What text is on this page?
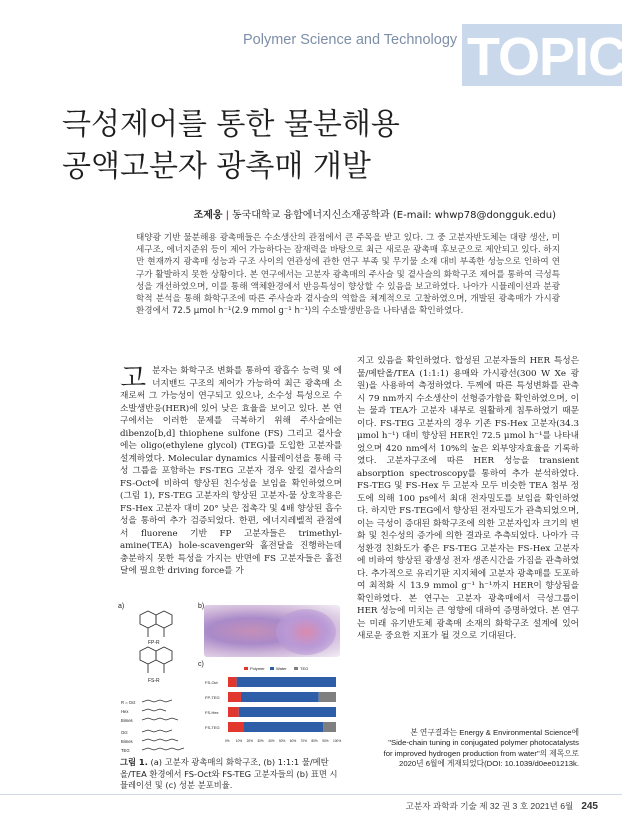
Polymer Science and Technology TOPIC
극성제어를 통한 물분해용
공액고분자 광촉매 개발
조제웅 | 동국대학교 융합에너지신소재공학과 (E-mail: whwp78@dongguk.edu)

태양광 기반 물분해용 광촉매들은 수소생산의 관점에서 큰 주목을 받고 있다. 그 중 고분자반도체는 대량 생산, 미세구조, 에너지준위 등이 제어 가능하다는 잠재력을 바탕으로 최근 새로운 광촉매 후보군으로 제안되고 있다. 하지만 현재까지 광촉매 성능과 구조 사이의 연관성에 관한 연구 부족 및 무기물 소재 대비 부족한 성능으로 인하여 연구가 활발하지 못한 상황이다. 본 연구에서는 고분자 광촉매의 주사슬 및 곁사슬의 화학구조 제어를 통하여 극성특성을 개선하였으며, 이를 통해 액체환경에서 반응특성이 향상할 수 있음을 보고하였다. 나아가 시뮬레이션과 분광학적 분석을 통해 화학구조에 따른 주사슬과 곁사슬의 역할을 체계적으로 고찰하였으며, 개발된 광촉매가 가시광 환경에서 72.5 μmol h⁻¹(2.9 mmol g⁻¹ h⁻¹)의 수소발생반응을 나타냄을 확인하였다.

고분자는 화학구조 변화를 통하여 광흡수 능력 및 에너지밴드 구조의 제어가 가능하여 최근 광촉매 소재로써 그 가능성이 연구되고 있으나, 소수성 특성으로 수소발생반응(HER)에 있어 낮은 효율을 보이고 있다. 본 연구에서는 이러한 문제를 극복하기 위해 주사슬에는 dibenzo[b,d] thiophene sulfone (FS) 그리고 곁사슬에는 oligo(ethylene glycol) (TEG)를 도입한 고분자를 설계하였다. Molecular dynamics 시뮬레이션을 통해 극성 그룹을 포함하는 FS-TEG 고분자 경우 알킬 곁사슬의 FS-Oct에 비하여 향상된 친수성을 보임을 확인하였으며(그림 1), FS-TEG 고분자의 향상된 고분자-물 상호작용은 FS-Hex 고분자 대비 20° 낮은 접촉각 및 4배 향상된 흡수성을 통하여 추가 검증되었다. 한편, 에너지레벨적 관점에서 fluorene 기반 FP 고분자들은 trimethyl-amine(TEA) hole-scavenger와 홀전달을 진행하는데 충분하지 못한 특성을 가지는 반면에 FS 고분자들은 홀전달에 필요한 driving force를 가
지고 있음을 확인하였다. 합성된 고분자들의 HER 특성은 물/메탄올/TEA (1:1:1) 용매와 가시광선(300 W Xe 광원)을 사용하여 측정하였다. 두께에 따른 특성변화를 관측 시 79 nm까지 수소생산이 선형증가함을 확인하였으며, 이는 물과 TEA가 고분자 내부로 원활하게 침투하였기 때문이다. FS-TEG 고분자의 경우 기존 FS-Hex 고분자(34.3 μmol h⁻¹) 대비 향상된 HER인 72.5 μmol h⁻¹를 나타내었으며 420 nm에서 10%의 높은 외부양자효율을 기록하였다. 고분자구조에 따른 HER 성능을 transient absorption spectroscopy를 통하여 추가 분석하였다. FS-TEG 및 FS-Hex 두 고분자 모두 비슷한 TEA 첨부 정도에 의해 100 ps에서 최대 전자밀도를 보임을 확인하였다. 하지만 FS-TEG에서 향상된 전자밀도가 관측되었으며, 이는 극성이 증대된 화학구조에 의한 고분자입자 크기의 변화 및 친수성의 증가에 의한 결과로 추측되었다. 나아가 극성환경 친화도가 좋은 FS-TEG 고분자는 FS-Hex 고분자에 비하여 향상된 광생성 전자 생존시간을 가짐을 관측하였다. 추가적으로 유리기판 지지체에 고분자 광촉매를 도포하여 최적화 시 13.9 mmol g⁻¹ h⁻¹까지 HER이 향상됨을 확인하였다. 본 연구는 고분자 광촉매에서 극성그룹이 HER 성능에 미치는 큰 영향에 대하여 증명하였다. 본 연구는 미래 유기반도체 광촉매 소재의 화학구조 설계에 있어 새로운 중요한 지표가 될 것으로 기대된다.
a)
FP-R
FS-R
R = Oct
Hex
Bimes
Oct
Bimes
TEG
b)
c)
Polymer	Water	TEG
FS-Oct
FP-TEG
FS-Hex
FS-TEG
0% 10% 20% 30% 40% 50% 60% 70% 80% 90% 100%

그림 1. (a) 고분자 광촉매의 화학구조, (b) 1:1:1 물/메탄올/TEA 환경에서 FS-Oct와 FS-TEG 고분자들의 (b) 표면 시뮬레이션 및 (c) 성분 분포비율.

본 연구결과는 Energy & Environmental Science에
"Side-chain tuning in conjugated polymer photocatalysts
for improved hydrogen production from water"의 제목으로
2020년 6월에 게재되었다(DOI: 10.1039/d0ee01213k.
고분자 과학과 기술 제 32 권 3 호 2021년 6월 245
